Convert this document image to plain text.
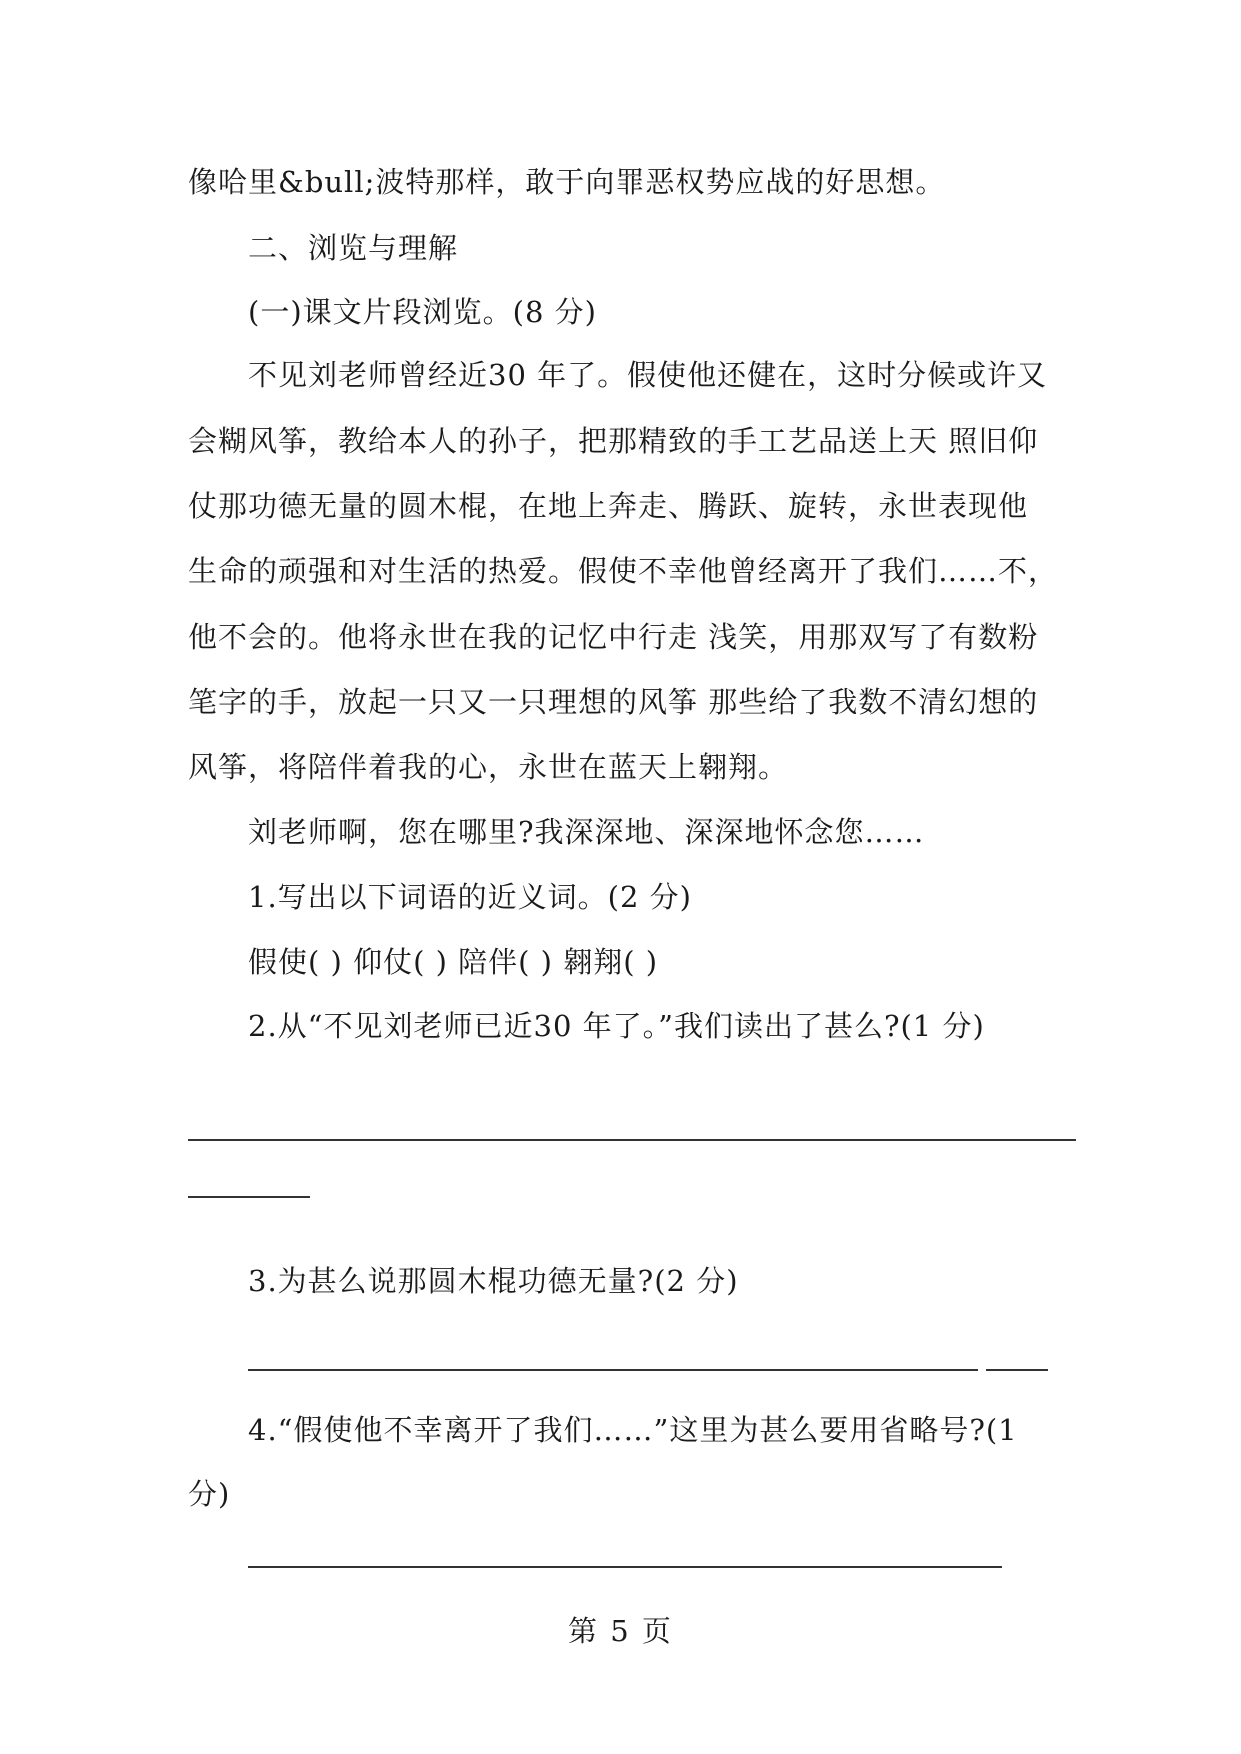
像哈里&bull;波特那样，敢于向罪恶权势应战的好思想。

二、浏览与理解

(一)课文片段浏览。(8 分)

不见刘老师曾经近30 年了。假使他还健在，这时分候或许又

会糊风筝，教给本人的孙子，把那精致的手工艺品送上天 照旧仰

仗那功德无量的圆木棍，在地上奔走、腾跃、旋转，永世表现他

生命的顽强和对生活的热爱。假使不幸他曾经离开了我们……不，

他不会的。他将永世在我的记忆中行走 浅笑，用那双写了有数粉

笔字的手，放起一只又一只理想的风筝 那些给了我数不清幻想的

风筝，将陪伴着我的心，永世在蓝天上翱翔。

刘老师啊，您在哪里?我深深地、深深地怀念您……

1.写出以下词语的近义词。(2 分)

假使( ) 仰仗( ) 陪伴( ) 翱翔( )

2.从“不见刘老师已近30 年了。”我们读出了甚么?(1 分)

3.为甚么说那圆木棍功德无量?(2 分)

4.“假使他不幸离开了我们……”这里为甚么要用省略号?(1

分)

第 5 页
